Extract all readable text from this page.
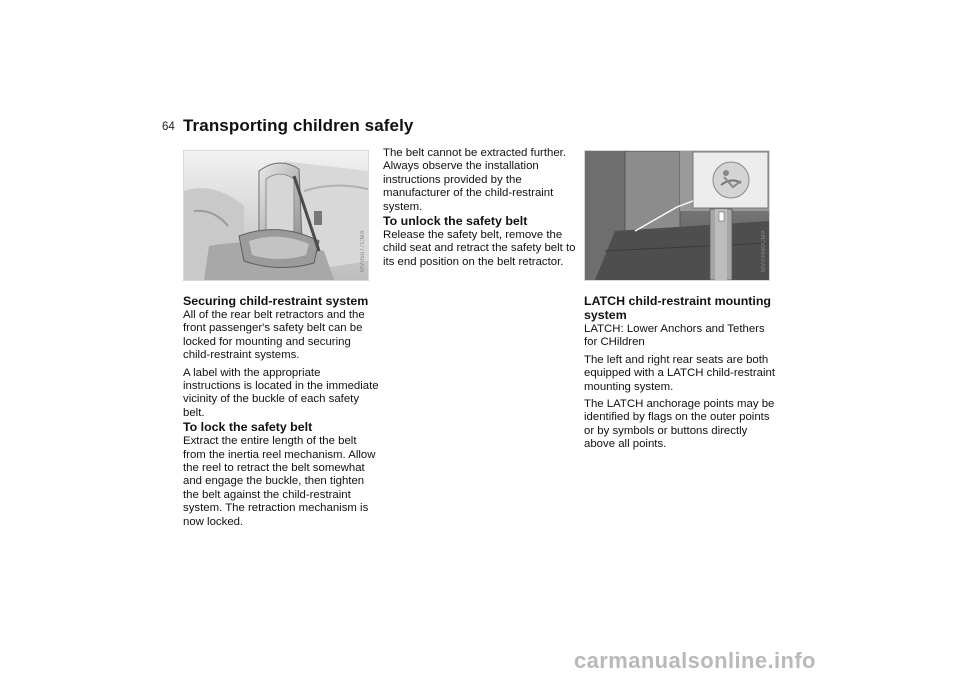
64 Transporting children safely
MV05077CMA	MV03480CMA
Securing child-restraint system

All of the rear belt retractors and the front passenger's safety belt can be locked for mounting and securing child-restraint systems.

A label with the appropriate instructions is located in the immediate vicinity of the buckle of each safety belt.

To lock the safety belt

Extract the entire length of the belt from the inertia reel mechanism. Allow the reel to retract the belt somewhat and engage the buckle, then tighten the belt against the child-restraint system. The retraction mechanism is now locked.

The belt cannot be extracted further. Always observe the installation instructions provided by the manufacturer of the child-restraint system.

To unlock the safety belt

Release the safety belt, remove the child seat and retract the safety belt to its end position on the belt retractor.

LATCH child-restraint mounting system

LATCH: Lower Anchors and Tethers for CHildren

The left and right rear seats are both equipped with a LATCH child-restraint mounting system.

The LATCH anchorage points may be identified by flags on the outer points or by symbols or buttons directly above all points.

carmanualsonline.info
